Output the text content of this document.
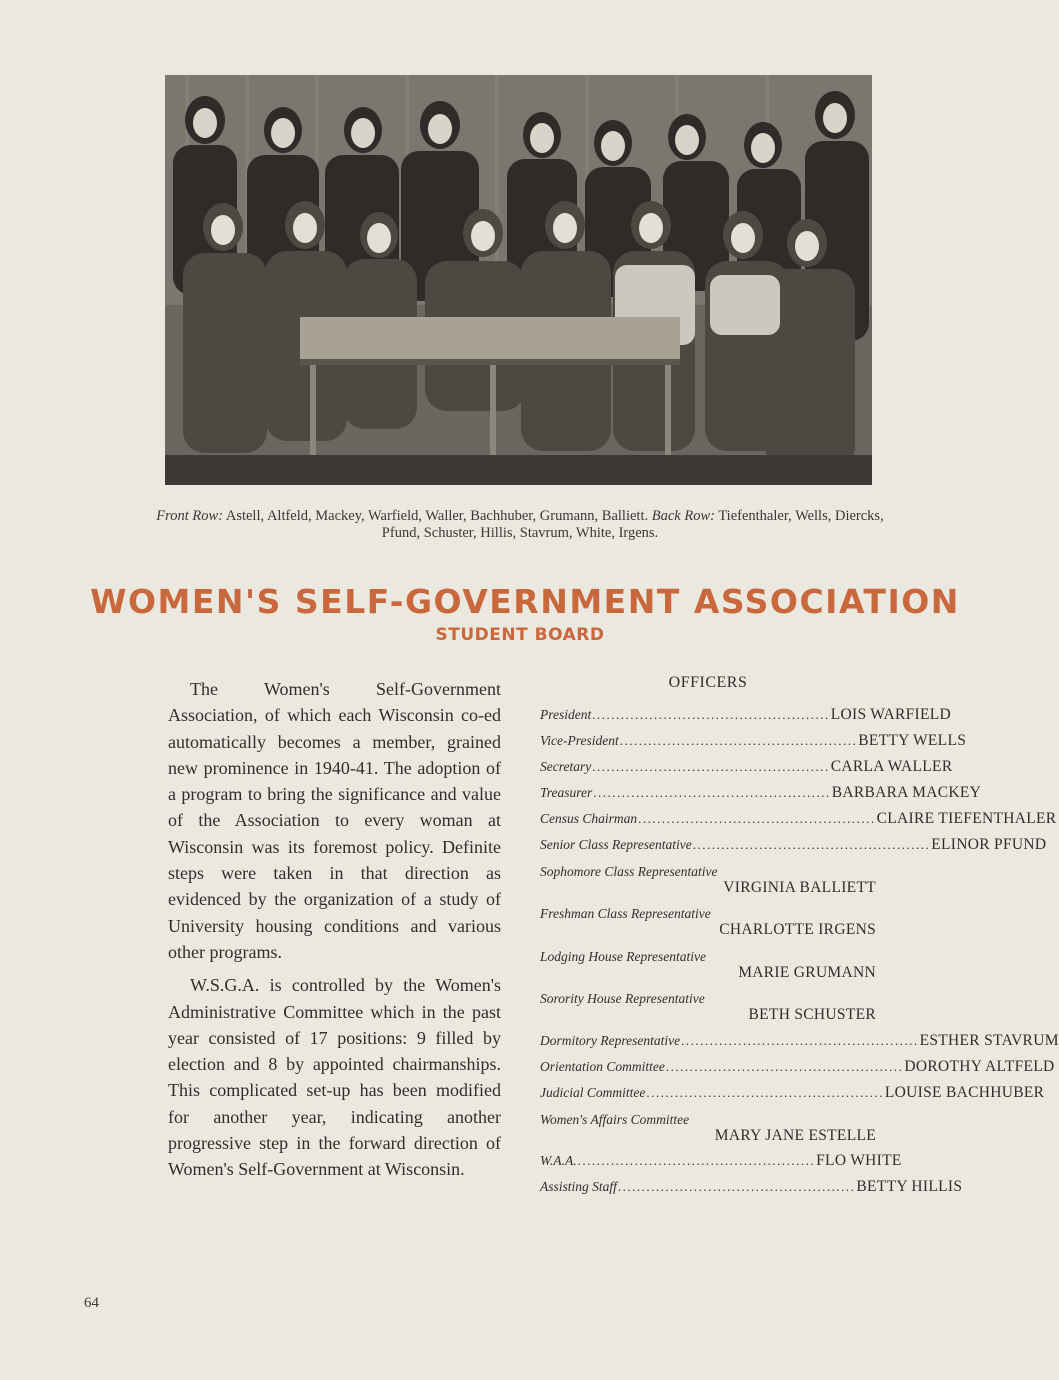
Front Row: Astell, Altfeld, Mackey, Warfield, Waller, Bachhuber, Grumann, Balliett. Back Row: Tiefenthaler, Wells, Diercks, Pfund, Schuster, Hillis, Stavrum, White, Irgens.
WOMEN'S SELF-GOVERNMENT ASSOCIATION
STUDENT BOARD

The Women's Self-Government Association, of which each Wisconsin co-ed automatically becomes a member, grained new prominence in 1940-41. The adoption of a program to bring the significance and value of the Association to every woman at Wisconsin was its foremost policy. Definite steps were taken in that direction as evidenced by the organization of a study of University housing conditions and various other programs.

W.S.G.A. is controlled by the Women's Administrative Committee which in the past year consisted of 17 positions: 9 filled by election and 8 by appointed chairmanships. This complicated set-up has been modified for another year, indicating another progressive step in the forward direction of Women's Self-Government at Wisconsin.

OFFICERS
President .................................................. LOIS WARFIELD
Vice-President .................................................. BETTY WELLS
Secretary .................................................. CARLA WALLER
Treasurer .................................................. BARBARA MACKEY
Census Chairman .................................................. CLAIRE TIEFENTHALER
Senior Class Representative .................................................. ELINOR PFUND
Sophomore Class Representative
VIRGINIA BALLIETT
Freshman Class Representative
CHARLOTTE IRGENS
Lodging House Representative
MARIE GRUMANN
Sorority House Representative
BETH SCHUSTER
Dormitory Representative .................................................. ESTHER STAVRUM
Orientation Committee .................................................. DOROTHY ALTFELD
Judicial Committee .................................................. LOUISE BACHHUBER
Women's Affairs Committee
MARY JANE ESTELLE
W.A.A. .................................................. FLO WHITE
Assisting Staff .................................................. BETTY HILLIS
64
